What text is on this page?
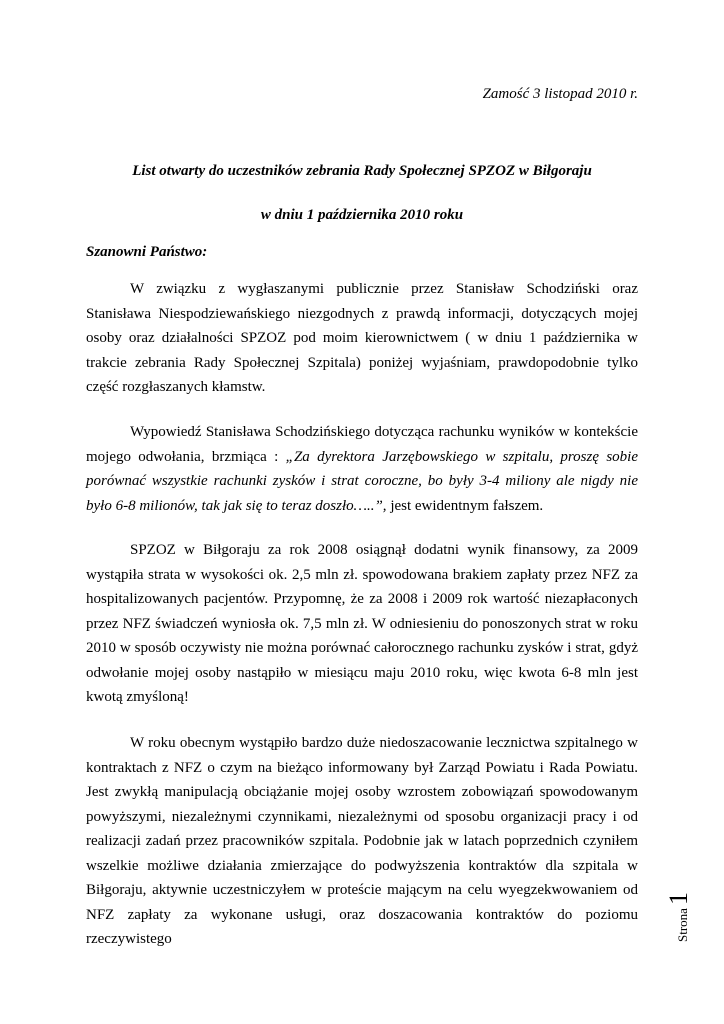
Zamość 3 listopad 2010 r.
List otwarty do uczestników zebrania Rady Społecznej SPZOZ w Biłgoraju
w dniu 1 października 2010 roku
Szanowni Państwo:

W związku z wygłaszanymi publicznie przez Stanisław Schodziński oraz Stanisława Niespodziewańskiego niezgodnych z prawdą informacji, dotyczących mojej osoby oraz działalności SPZOZ pod moim kierownictwem ( w dniu 1 października w trakcie zebrania Rady Społecznej Szpitala) poniżej wyjaśniam, prawdopodobnie tylko część rozgłaszanych kłamstw.

Wypowiedź Stanisława Schodzińskiego dotycząca rachunku wyników w kontekście mojego odwołania, brzmiąca : „Za dyrektora Jarzębowskiego w szpitalu, proszę sobie porównać wszystkie rachunki zysków i strat coroczne, bo były 3-4 miliony ale nigdy nie było 6-8 milionów, tak jak się to teraz doszło…..”, jest ewidentnym fałszem.

SPZOZ w Biłgoraju za rok 2008 osiągnął dodatni wynik finansowy, za 2009 wystąpiła strata w wysokości ok. 2,5 mln zł. spowodowana brakiem zapłaty przez NFZ za hospitalizowanych pacjentów. Przypomnę, że za 2008 i 2009 rok wartość niezapłaconych przez NFZ świadczeń wyniosła ok. 7,5 mln zł. W odniesieniu do ponoszonych strat w roku 2010 w sposób oczywisty nie można porównać całorocznego rachunku zysków i strat, gdyż odwołanie mojej osoby nastąpiło w miesiącu maju 2010 roku, więc kwota 6-8 mln jest kwotą zmyśloną!

W roku obecnym wystąpiło bardzo duże niedoszacowanie lecznictwa szpitalnego w kontraktach z NFZ o czym na bieżąco informowany był Zarząd Powiatu i Rada Powiatu. Jest zwykłą manipulacją obciążanie mojej osoby wzrostem zobowiązań spowodowanym powyższymi, niezależnymi czynnikami, niezależnymi od sposobu organizacji pracy i od realizacji zadań przez pracowników szpitala. Podobnie jak w latach poprzednich czyniłem wszelkie możliwe działania zmierzające do podwyższenia kontraktów dla szpitala w Biłgoraju, aktywnie uczestniczyłem w proteście mającym na celu wyegzekwowaniem od NFZ zapłaty za wykonane usługi, oraz doszacowania kontraktów do poziomu rzeczywistego	Strona1
